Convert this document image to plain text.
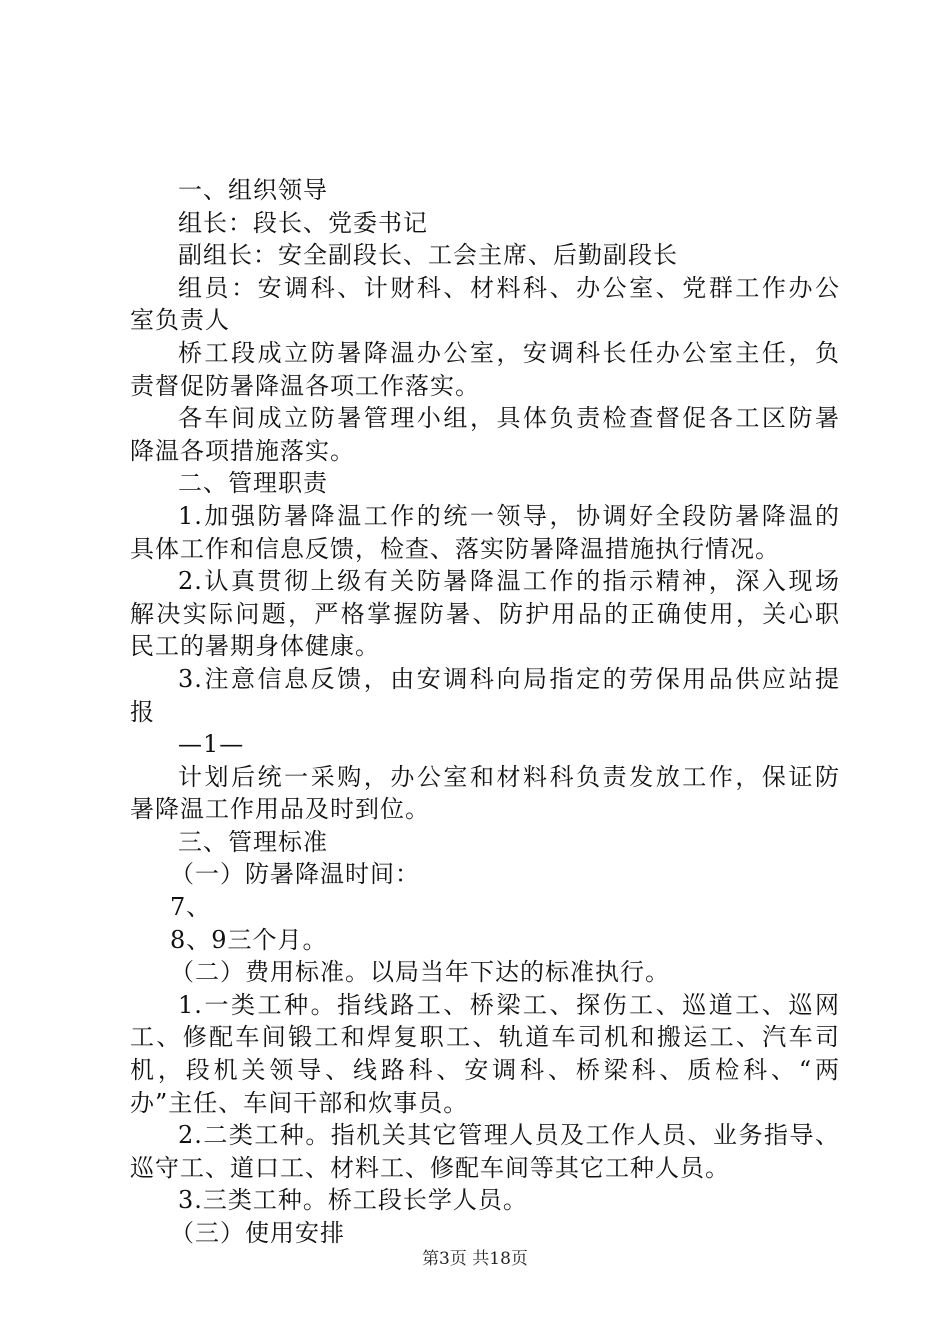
一、组织领导
组长：段长、党委书记
副组长：安全副段长、工会主席、后勤副段长
组员：安调科、计财科、材料科、办公室、党群工作办公
室负责人
桥工段成立防暑降温办公室，安调科长任办公室主任，负
责督促防暑降温各项工作落实。
各车间成立防暑管理小组，具体负责检查督促各工区防暑
降温各项措施落实。
二、管理职责
1.加强防暑降温工作的统一领导，协调好全段防暑降温的
具体工作和信息反馈，检查、落实防暑降温措施执行情况。
2.认真贯彻上级有关防暑降温工作的指示精神，深入现场
解决实际问题，严格掌握防暑、防护用品的正确使用，关心职
民工的暑期身体健康。
3.注意信息反馈，由安调科向局指定的劳保用品供应站提
报
—1—
计划后统一采购，办公室和材料科负责发放工作，保证防
暑降温工作用品及时到位。
三、管理标准
（一）防暑降温时间：
7、
8、9三个月。
（二）费用标准。以局当年下达的标准执行。
1.一类工种。指线路工、桥梁工、探伤工、巡道工、巡网
工、修配车间锻工和焊复职工、轨道车司机和搬运工、汽车司
机，段机关领导、线路科、安调科、桥梁科、质检科、“两
办”主任、车间干部和炊事员。
2.二类工种。指机关其它管理人员及工作人员、业务指导、
巡守工、道口工、材料工、修配车间等其它工种人员。
3.三类工种。桥工段长学人员。
（三）使用安排
第3页 共18页
